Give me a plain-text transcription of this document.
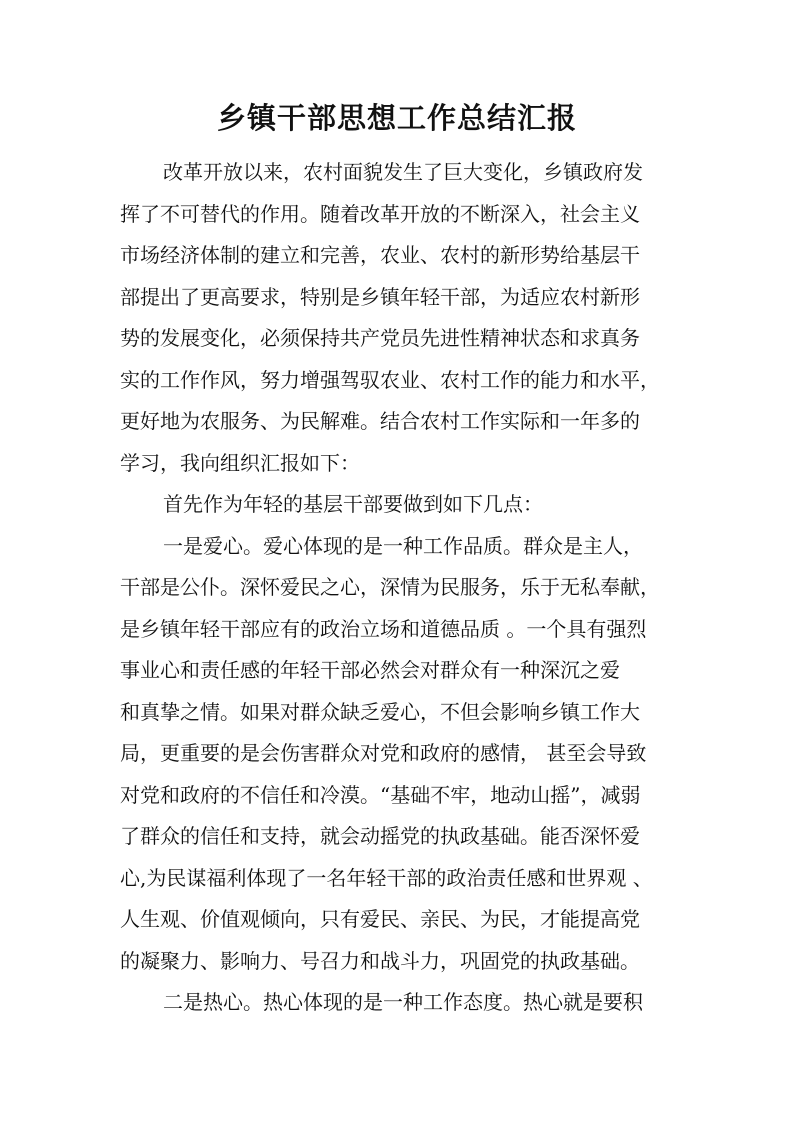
乡镇干部思想工作总结汇报
改革开放以来，农村面貌发生了巨大变化，乡镇政府发
挥了不可替代的作用。随着改革开放的不断深入，社会主义
市场经济体制的建立和完善，农业、农村的新形势给基层干
部提出了更高要求，特别是乡镇年轻干部，为适应农村新形
势的发展变化，必须保持共产党员先进性精神状态和求真务
实的工作作风，努力增强驾驭农业、农村工作的能力和水平，
更好地为农服务、为民解难。结合农村工作实际和一年多的
学习，我向组织汇报如下：
首先作为年轻的基层干部要做到如下几点：
一是爱心。爱心体现的是一种工作品质。群众是主人，
干部是公仆。深怀爱民之心，深情为民服务，乐于无私奉献，
是乡镇年轻干部应有的政治立场和道德品质 。一个具有强烈
事业心和责任感的年轻干部必然会对群众有一种深沉之爱
和真挚之情。如果对群众缺乏爱心，不但会影响乡镇工作大
局，更重要的是会伤害群众对党和政府的感情， 甚至会导致
对党和政府的不信任和冷漠。“基础不牢，地动山摇”，减弱
了群众的信任和支持，就会动摇党的执政基础。能否深怀爱
心,为民谋福利体现了一名年轻干部的政治责任感和世界观 、
人生观、价值观倾向，只有爱民、亲民、为民，才能提高党
的凝聚力、影响力、号召力和战斗力，巩固党的执政基础。
二是热心。热心体现的是一种工作态度。热心就是要积
